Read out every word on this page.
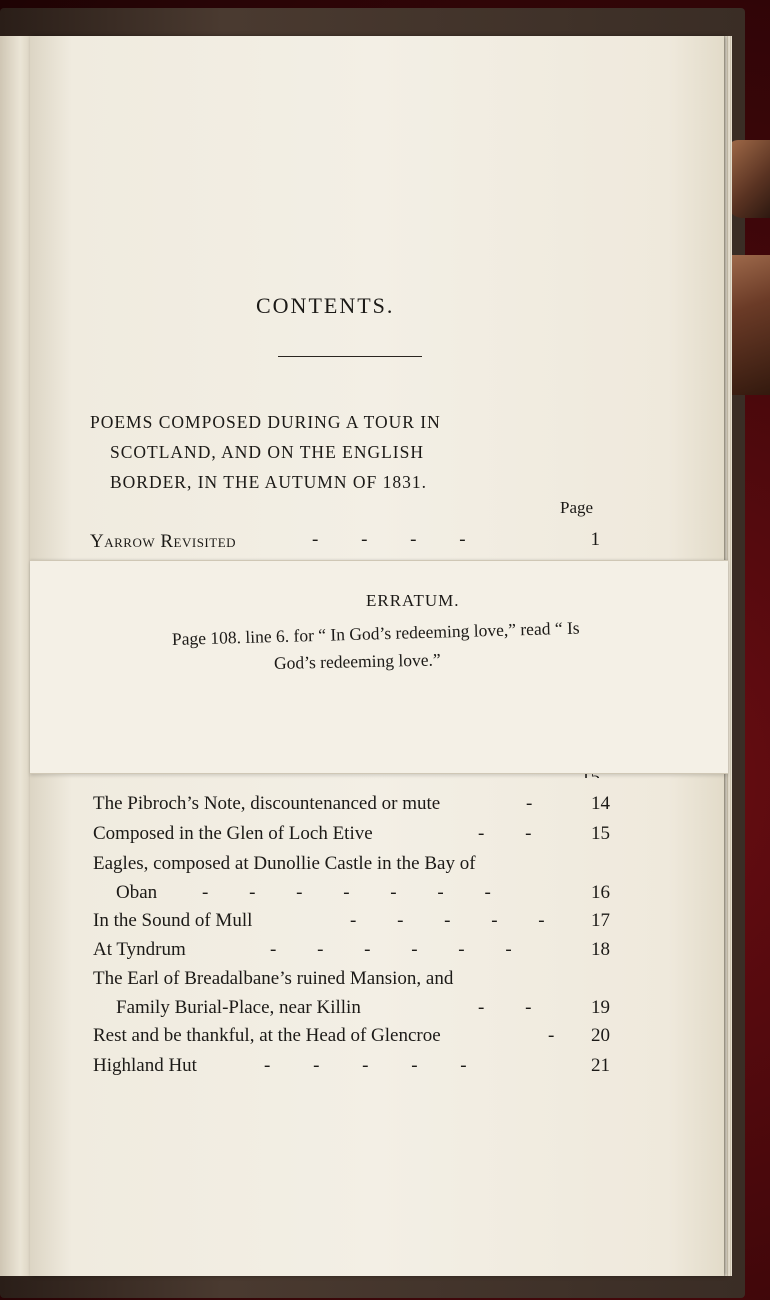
CONTENTS.
POEMS COMPOSED DURING A TOUR IN
SCOTLAND, AND ON THE ENGLISH
BORDER, IN THE AUTUMN OF 1831.
Page
Yarrow Revisited	- - - -	1
The Pibroch’s Note, discountenanced or mute	-	14
Composed in the Glen of Loch Etive	- -	15
Eagles, composed at Dunollie Castle in the Bay of
Oban - - - - - - -	16
In the Sound of Mull	- - - - -	17
At Tyndrum	- - - - - -	18
The Earl of Breadalbane’s ruined Mansion, and
Family Burial-Place, near Killin	- -	19
Rest and be thankful, at the Head of Glencroe	-	20
Highland Hut	- - - - -	21
ERRATUM.
Page 108. line 6. for “ In God’s redeeming love,” read “ Is
God’s redeeming love.”
